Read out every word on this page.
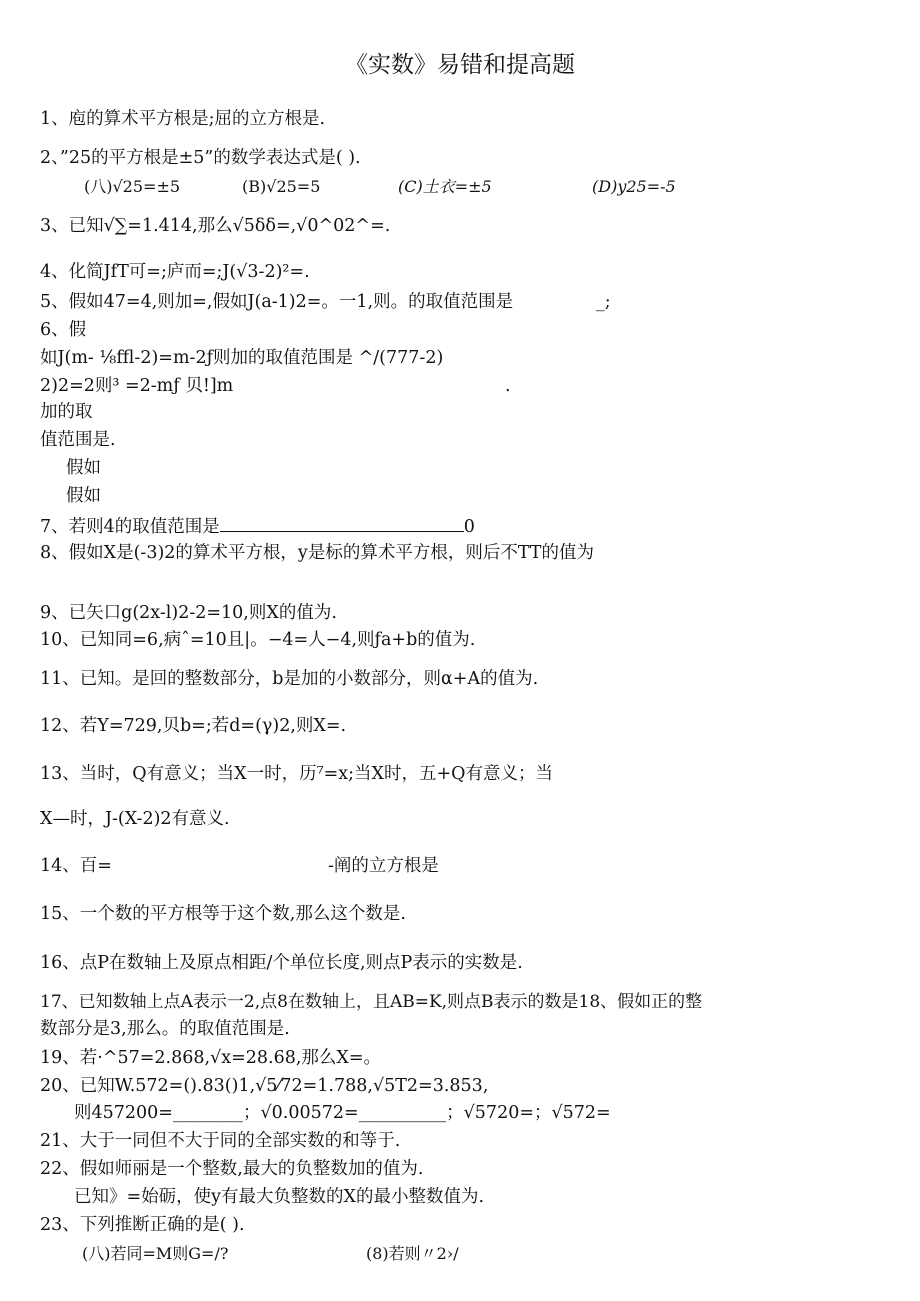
《实数》易错和提高题
1、庖的算术平方根是;屈的立方根是.
2、”25的平方根是±5”的数学表达式是( ).
(八)√25=±5	(B)√25=5	(C)土衣=±5	(D)y25=-5
3、已知√∑=1.414,那么√5δδ=,√0^02^=.
4、化简JfT可=;庐而=;J(√3-2)²=.
5、假如47=4,则加=,假如J(a-1)2=。一1,则。的取值范围是	_;
6、假
如J(m- ⅛ffl-2)=m-2ƒ则加的取值范围是 ^/(777-2)
2)2=2则³ =2-mƒ 贝!]m	.
加的取
值范围是.
假如
假如
7、若则4的取值范围是	0
8、假如X是(-3)2的算术平方根，y是标的算术平方根，则后不TT的值为
9、已矢口g(2x-l)2-2=10,则X的值为.
10、已知同=6,病ˆ=10且|。−4=人−4,则ƒa+b的值为.
11、已知。是回的整数部分，b是加的小数部分，则α+A的值为.
12、若Y=729,贝b=;若d=(γ)2,则X=.
13、当时，Q有意义；当X一时，历⁷=x;当X时，五+Q有意义；当
X—时，J-(X-2)2有意义.
14、百=	-阐的立方根是
15、一个数的平方根等于这个数,那么这个数是.
16、点P在数轴上及原点相距/个单位长度,则点P表示的实数是.
17、已知数轴上点A表示一2,点8在数轴上，且AB=K,则点B表示的数是18、假如正的整
数部分是3,那么。的取值范围是.
19、若·^57=2.868,√x=28.68,那么X=。
20、已知W.572=().83()1,√5⁄72=1.788,√5T2=3.853,
则457200=________；√0.00572=__________；√5720=；√572=
21、大于一同但不大于同的全部实数的和等于.
22、假如师丽是一个整数,最大的负整数加的值为.
已知》=始砺，使y有最大负整数的X的最小整数值为.
23、下列推断正确的是( ).
(八)若同=M则G=/?	(8)若则〃2›/
